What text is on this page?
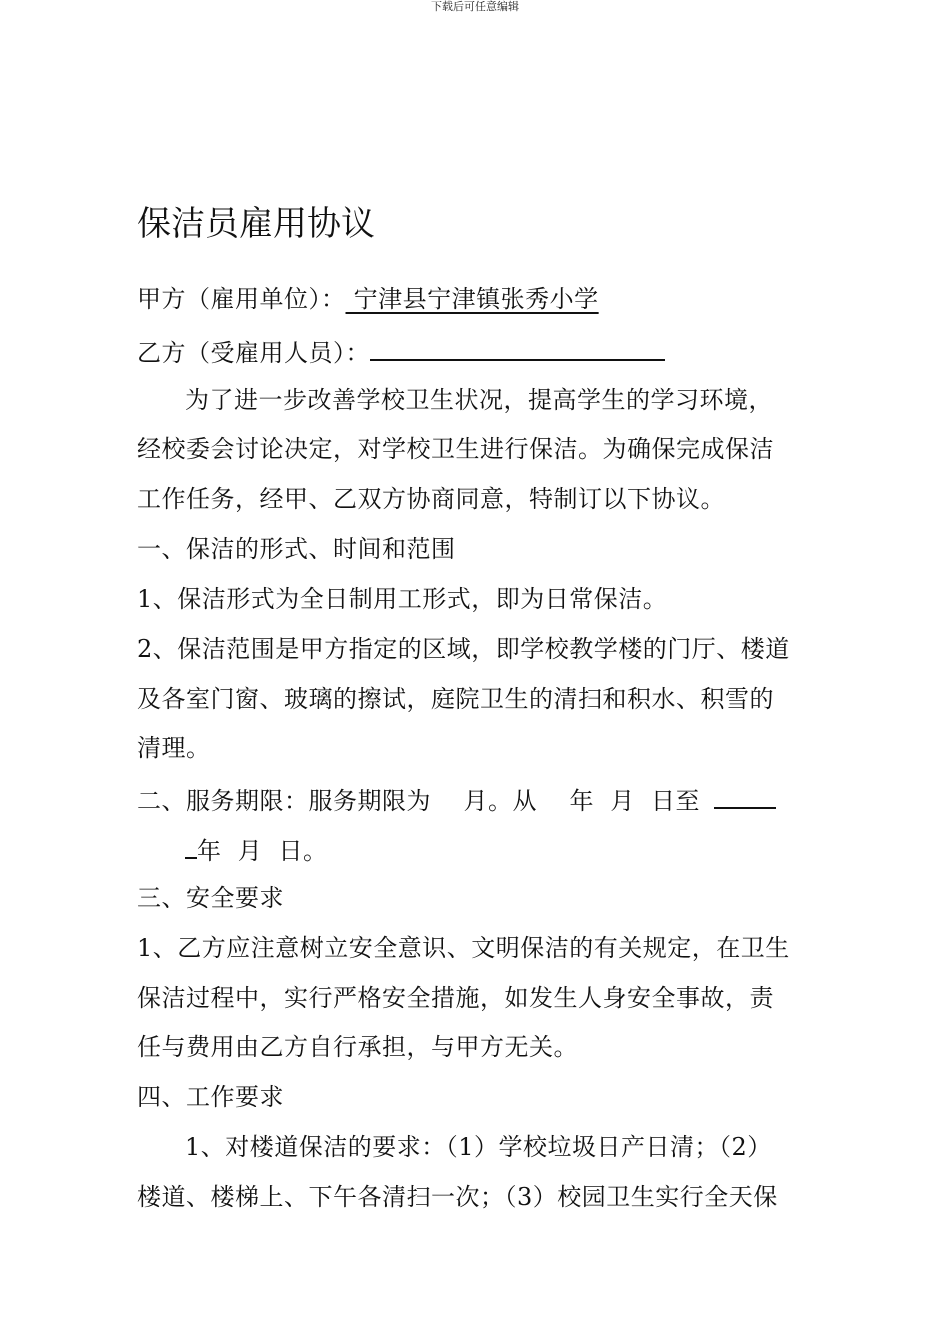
下载后可任意编辑
保洁员雇用协议
甲方（雇用单位）： 宁津县宁津镇张秀小学
乙方（受雇用人员）：
为了进一步改善学校卫生状况，提高学生的学习环境，
经校委会讨论决定，对学校卫生进行保洁。为确保完成保洁
工作任务，经甲、乙双方协商同意，特制订以下协议。
一、保洁的形式、时间和范围
1、保洁形式为全日制用工形式，即为日常保洁。
2、保洁范围是甲方指定的区域，即学校教学楼的门厅、楼道
及各室门窗、玻璃的擦试，庭院卫生的清扫和积水、积雪的
清理。
二、服务期限：服务期限为    月。从    年  月  日至
年  月  日。
三、安全要求
1、乙方应注意树立安全意识、文明保洁的有关规定，在卫生
保洁过程中，实行严格安全措施，如发生人身安全事故，责
任与费用由乙方自行承担，与甲方无关。
四、工作要求
1、对楼道保洁的要求：（1）学校垃圾日产日清；（2）
楼道、楼梯上、下午各清扫一次；（3）校园卫生实行全天保
